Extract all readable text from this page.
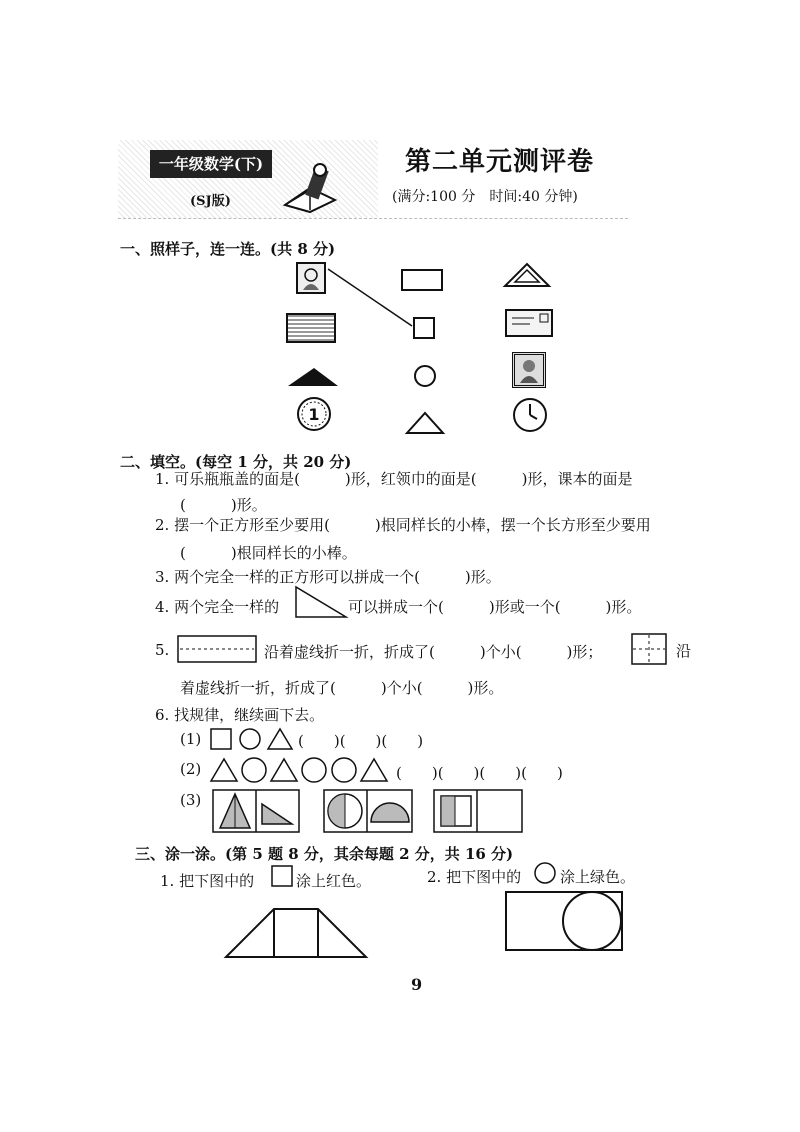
一年级数学(下)
(SJ版)
第二单元测评卷
(满分:100 分　时间:40 分钟)
一、照样子，连一连。(共 8 分)
1
二、填空。(每空 1 分，共 20 分)
1. 可乐瓶瓶盖的面是(　　　)形，红领巾的面是(　　　)形，课本的面是
(　　　)形。
2. 摆一个正方形至少要用(　　　)根同样长的小棒，摆一个长方形至少要用
(　　　)根同样长的小棒。
3. 两个完全一样的正方形可以拼成一个(　　　)形。
4. 两个完全一样的	可以拼成一个(　　　)形或一个(　　　)形。
5.	沿着虚线折一折，折成了(　　　)个小(　　　)形；	沿
着虚线折一折，折成了(　　　)个小(　　　)形。
6. 找规律，继续画下去。
(1)	(　　)(　　)(　　)
(2)	(　　)(　　)(　　)(　　)
(3)
三、涂一涂。(第 5 题 8 分，其余每题 2 分，共 16 分)
1. 把下图中的	涂上红色。	2. 把下图中的	涂上绿色。
9
